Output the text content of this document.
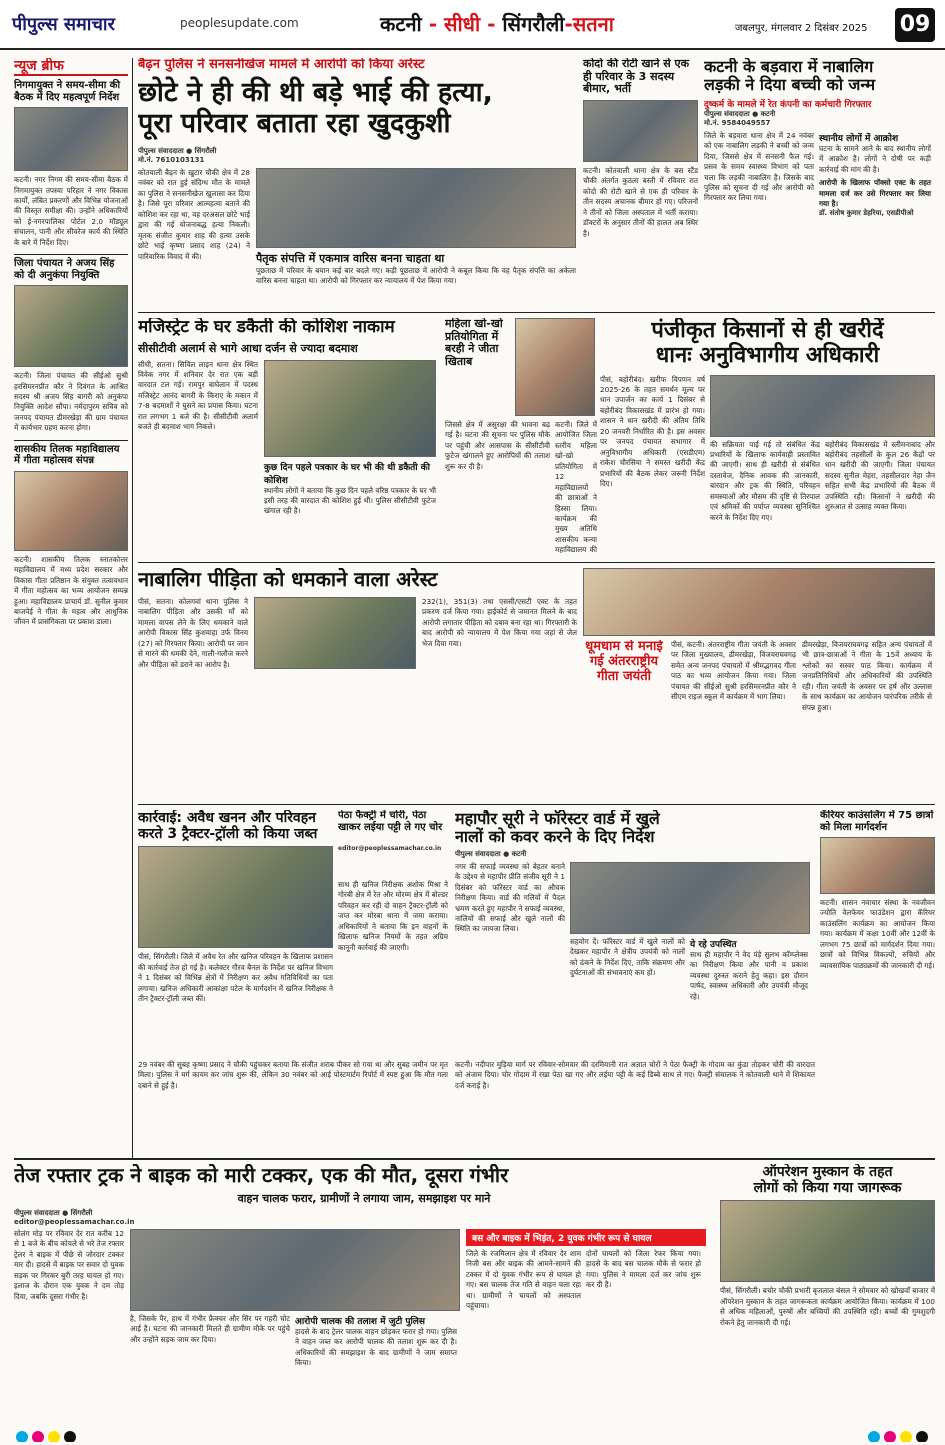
पीपुल्स समाचार	peoplesupdate.com	कटनी - सीधी - सिंगरौली-सतना	जबलपुर, मंगलवार 2 दिसंबर 2025 09
न्यूज ब्रीफ
निगमायुक्त ने समय-सीमा की बैठक में दिए महत्वपूर्ण निर्देश
कटनी। नगर निगम की समय-सीमा बैठक में निगमायुक्त तपस्या परिहार ने नगर विकास कार्यों, लंबित प्रकरणों और विभिन्न योजनाओं की विस्तृत समीक्षा की। उन्होंने अधिकारियों को ई-नगरपालिका पोर्टल 2.0 मॉड्यूल संचालन, पानी और सीवरेज कार्य की स्थिति के बारे में निर्देश दिए।
जिला पंचायत ने अजय सिंह को दी अनुकंपा नियुक्ति
कटनी। जिला पंचायत की सीईओ सुश्री हरसिमरनप्रीत कौर ने दिवंगत के आश्रित सदस्य श्री अजय सिंह बागरी को अनुकंपा नियुक्ति आदेश सौंपा। नर्मदापुरम सचिव को जनपद पंचायत ढीमरखेड़ा की ग्राम पंचायत में कार्यभार ग्रहण करना होगा।
शासकीय तिलक महाविद्यालय में गीता महोत्सव संपन्न
कटनी। शासकीय तिलक स्नातकोत्तर महाविद्यालय में मध्य प्रदेश सरकार और विकास गीता प्रतिष्ठान के संयुक्त तत्वावधान में गीता महोत्सव का भव्य आयोजन सम्पन्न हुआ। महाविद्यालय प्राचार्य डॉ. सुनील कुमार बाजपेई ने गीता के महत्व और आधुनिक जीवन में प्रासंगिकता पर प्रकाश डाला।
बैढ़न पुलिस ने सनसनीखेज मामले में आरोपी को किया अरेस्ट
छोटे ने ही की थी बड़े भाई की हत्या,
पूरा परिवार बताता रहा खुदकुशी
पीपुल्स संवाददाता ● सिंगरौली
मो.नं. 7610103131
कोतवाली बैढ़न के खुटार चौकी क्षेत्र में 28 नवंबर को रात हुई संदिग्ध मौत के मामले का पुलिस ने सनसनीखेज खुलासा कर दिया है। जिसे पूरा परिवार आत्महत्या बताने की कोशिश कर रहा था, वह दरअसल छोटे भाई द्वारा की गई योजनाबद्ध हत्या निकली। मृतक संजीत कुमार शाह की हत्या उसके छोटे भाई कृष्णा प्रसाद शाह (24) ने पारिवारिक विवाद में की।	पैतृक संपत्ति में एकमात्र वारिस बनना चाहता था
पूछताछ में परिवार के बयान कई बार बदले गए। कड़ी पूछताछ में आरोपी ने कबूल किया कि वह पैतृक संपत्ति का अकेला वारिस बनना चाहता था। आरोपी को गिरफ्तार कर न्यायालय में पेश किया गया।
कोदो की रोटी खाने से एक ही परिवार के 3 सदस्य बीमार, भर्ती
कटनी। कोतवाली थाना क्षेत्र के बस स्टैंड चौकी अंतर्गत कुठला बस्ती में रविवार रात कोदो की रोटी खाने से एक ही परिवार के तीन सदस्य अचानक बीमार हो गए। परिजनों ने तीनों को जिला अस्पताल में भर्ती कराया। डॉक्टरों के अनुसार तीनों की हालत अब स्थिर है।
कटनी के बड़वारा में नाबालिग
लड़की ने दिया बच्ची को जन्म
दुष्कर्म के मामले में रेत कंपनी का कर्मचारी गिरफ्तार
पीपुल्स संवाददाता ● कटनी
मो.नं. 9584049557
जिले के बड़वारा थाना क्षेत्र में 24 नवंबर को एक नाबालिग लड़की ने बच्ची को जन्म दिया, जिससे क्षेत्र में सनसनी फैल गई। प्रसव के समय स्वास्थ्य विभाग को पता चला कि लड़की नाबालिग है। जिसके बाद पुलिस को सूचना दी गई और आरोपी को गिरफ्तार कर लिया गया।
स्थानीय लोगों में आक्रोश
घटना के सामने आने के बाद स्थानीय लोगों में आक्रोश है। लोगों ने दोषी पर कड़ी कार्रवाई की मांग की है।
आरोपी के खिलाफ पॉक्सो एक्ट के तहत मामला दर्ज कर उसे गिरफ्तार कर लिया गया है।
डॉ. संतोष कुमार डेहरिया, एसडीपीओ
मजिस्ट्रेट के घर डकैती की कोशिश नाकाम
सीसीटीवी अलार्म से भागे आधा दर्जन से ज्यादा बदमाश
सीधी, सतना। सिविल लाइन थाना क्षेत्र स्थित विवेक नगर में शनिवार देर रात एक बड़ी वारदात टल गई। रामपुर बाघेलान में पदस्थ मजिस्ट्रेट आनंद बागरी के किराए के मकान में 7-8 बदमाशों ने घुसने का प्रयास किया। घटना रात लगभग 1 बजे की है। सीसीटीवी अलार्म बजते ही बदमाश भाग निकले।
कुछ दिन पहले पत्रकार के घर भी की थी डकैती की कोशिश
स्थानीय लोगों ने बताया कि कुछ दिन पहले वरिष्ठ पत्रकार के घर भी इसी तरह की वारदात की कोशिश हुई थी। पुलिस सीसीटीवी फुटेज खंगाल रही है।
जिससे क्षेत्र में असुरक्षा की भावना बढ़ गई है। घटना की सूचना पर पुलिस मौके पर पहुंची और आसपास के सीसीटीवी फुटेज खंगालने हुए आरोपियों की तलाश शुरू कर दी है।
महिला खो-खो प्रतियोगिता में बरही ने जीता खिताब
कटनी। जिले में आयोजित जिला स्तरीय महिला खो-खो प्रतियोगिता में 12 महाविद्यालयों की छात्राओं ने हिस्सा लिया। कार्यक्रम की मुख्य अतिथि शासकीय कन्या महाविद्यालय की
पंजीकृत किसानों से ही खरीदें
धानः अनुविभागीय अधिकारी
पीसं, बहोरीबंद। खरीफ विपणन वर्ष 2025-26 के तहत समर्थन मूल्य पर धान उपार्जन का कार्य 1 दिसंबर से बहोरीबंद विकासखंड में प्रारंभ हो गया। शासन ने धान खरीदी की अंतिम तिथि 20 जनवरी निर्धारित की है। इस अवसर पर जनपद पंचायत सभागार में अनुविभागीय अधिकारी (एसडीएम) राकेश चौरसिया ने समस्त खरीदी केंद्र प्रभारियों की बैठक लेकर जरूरी निर्देश दिए।
की सक्रियता पाई गई तो संबंधित केंद्र प्रभारियों के खिलाफ कार्यवाही प्रस्तावित की जाएगी। साथ ही खरीदी से संबंधित दस्तावेज, दैनिक आवक की जानकारी, बारदान और ट्रक की स्थिति, परिवहन समस्याओं और मौसम की दृष्टि से तिरपाल एवं श्रमिकों की पर्याप्त व्यवस्था सुनिश्चित करने के निर्देश दिए गए।
बहोरीबंद विकासखंड में स्लीमनाबाद और बहोरीबंद तहसीलों के कुल 26 केंद्रों पर धान खरीदी की जाएगी। जिला पंचायत सदस्य सुनील मेहरा, तहसीलदार नेहा जैन सहित सभी केंद्र प्रभारियों की बैठक में उपस्थिति रही। किसानों ने खरीदी की शुरुआत से उत्साह व्यक्त किया।
नाबालिग पीड़िता को धमकाने वाला अरेस्ट
पीसं, सतना। कोलगवां थाना पुलिस ने नाबालिग पीड़िता और उसकी माँ को मामला वापस लेने के लिए धमकाने वाले आरोपी विकास सिंह कुशवाहा उर्फ विनय (27) को गिरफ्तार किया। आरोपी पर जान से मारने की धमकी देने, गाली-गलौज करने और पीड़िता को डराने का आरोप है।
232(1), 351(3) तथा एससी/एसटी एक्ट के तहत प्रकरण दर्ज किया गया। हाईकोर्ट से जमानत मिलने के बाद आरोपी लगातार पीड़िता को दबाव बना रहा था। गिरफ्तारी के बाद आरोपी को न्यायालय में पेश किया गया जहां से जेल भेज दिया गया।	धूमधाम से मनाई गई अंतरराष्ट्रीय गीता जयंती
पीसं, कटनी। अंतरराष्ट्रीय गीता जयंती के अवसर पर जिला मुख्यालय, ढीमरखेड़ा, विजयराघवगढ़ समेत अन्य जनपद पंचायतों में श्रीमद्भगवद गीता पाठ का भव्य आयोजन किया गया। जिला पंचायत की सीईओ सुश्री हरसिमरनप्रीत कौर ने सीएम राइज स्कूल में कार्यक्रम में भाग लिया।
ढीमरखेड़ा, विजयराघवगढ़ सहित अन्य पंचायतों में भी छात्र-छात्राओं ने गीता के 15वें अध्याय के श्लोकों का सस्वर पाठ किया। कार्यक्रम में जनप्रतिनिधियों और अधिकारियों की उपस्थिति रही। गीता जयंती के अवसर पर हर्ष और उल्लास के साथ कार्यक्रम का आयोजन पारंपरिक तरीके से संपन्न हुआ।
कार्रवाई: अवैध खनन और परिवहन
करते 3 ट्रैक्टर-ट्रॉली को किया जब्त
पीसं, सिंगरौली। जिले में अवैध रेत और खनिज परिवहन के खिलाफ प्रशासन की कार्रवाई तेज हो गई है। कलेक्टर गौरव बैनल के निर्देश पर खनिज विभाग ने 1 दिसंबर को विभिन्न क्षेत्रों में निरीक्षण कर अवैध गतिविधियों का पता लगाया। खनिज अधिकारी आकांक्षा पटेल के मार्गदर्शन में खनिज निरीक्षक ने तीन ट्रैक्टर-ट्रॉली जब्त कीं।
साथ ही खनिज निरीक्षक अशोक मिश्रा ने गोरबी क्षेत्र में रेत और मोरम्म क्षेत्र में बोल्डर परिवहन कर रही दो वाहन ट्रैक्टर-ट्रॉली को जप्त कर मोरबा थाना में जमा कराया। अधिकारियों ने बताया कि इन वाहनों के खिलाफ खनिज नियमों के तहत अग्रिम कानूनी कार्रवाई की जाएगी।
पेठा फैक्ट्री में चोरी, पेठा खाकर लईया पट्टी ले गए चोर महापौर सूरी ने फॉरेस्टर वार्ड में खुले
नालों को कवर करने के दिए निर्देश
पीपुल्स संवाददाता ● कटनी
नगर की सफाई व्यवस्था को बेहतर बनाने के उद्देश्य से महापौर प्रीति संजीव सूरी ने 1 दिसंबर को फॉरेस्टर वार्ड का औचक निरीक्षण किया। वार्ड की गलियों में पैदल भ्रमण करते हुए महापौर ने सफाई व्यवस्था, नालियों की सफाई और खुले नालों की स्थिति का जायजा लिया।
सहयोग दें। फॉरेस्टर वार्ड में खुले नालों को देखकर महापौर ने क्षेत्रीय उपयंत्री को नालों को ढंकने के निर्देश दिए, ताकि संक्रमण और दुर्घटनाओं की संभावनाएं कम हों।
ये रहे उपस्थित
साथ ही महापौर ने वेद पंड़े सुलभ कॉम्प्लेक्स का निरीक्षण किया और पानी व प्रकाश व्यवस्था दुरुस्त कराने हेतु कहा। इस दौरान पार्षद, स्वास्थ्य अधिकारी और उपयंत्री मौजूद रहे।
कॅरियर काउंसलिंग में 75 छात्रों को मिला मार्गदर्शन
कटनी। शासन नवाचार संस्था के नवजीवन ज्योति वेलफेयर फाउंडेशन द्वारा कॅरियर काउंसलिंग कार्यक्रम का आयोजन किया गया। कार्यक्रम में कक्षा 10वीं और 12वीं के लगभग 75 छात्रों को मार्गदर्शन दिया गया। छात्रों को विभिन्न विकल्पों, रुचियों और व्यावसायिक पाठ्यक्रमों की जानकारी दी गई।
तेज रफ्तार ट्रक ने बाइक को मारी टक्कर, एक की मौत, दूसरा गंभीर
वाहन चालक फरार, ग्रामीणों ने लगाया जाम, समझाइश पर माने
पीपुल्स संवाददाता ● सिंगरौली
editor@peoplessamachar.co.in
सोलंग मोड़ पर रविवार देर रात करीब 12 से 1 बजे के बीच कोयले से भरे तेज रफ्तार ट्रेलर ने बाइक में पीछे से जोरदार टक्कर मार दी। हादसे में बाइक पर सवार दो युवक सड़क पर गिरकर बुरी तरह घायल हो गए। इलाज के दौरान एक युवक ने दम तोड़ दिया, जबकि दूसरा गंभीर है।
है, जिसके पैर, हाथ में गंभीर फ्रैक्चर और सिर पर गहरी चोट आई है। घटना की जानकारी मिलते ही ग्रामीण मौके पर पहुंचे और उन्होंने सड़क जाम कर दिया।
आरोपी चालक की तलाश में जुटी पुलिस
हादसे के बाद ट्रेलर चालक वाहन छोड़कर फरार हो गया। पुलिस ने वाहन जब्त कर आरोपी चालक की तलाश शुरू कर दी है। अधिकारियों की समझाइश के बाद ग्रामीणों ने जाम समाप्त किया।
बस और बाइक में भिड़ंत, 2 युवक गंभीर रूप से घायल
जिले के रजमिलान क्षेत्र में रविवार देर शाम निजी बस और बाइक की आमने-सामने की टक्कर में दो युवक गंभीर रूप से घायल हो गए। बस चालक तेज गति से वाहन चला रहा था। ग्रामीणों ने घायलों को अस्पताल पहुंचाया।
दोनों घायलों को जिला रेफर किया गया। हादसे के बाद बस चालक मौके से फरार हो गया। पुलिस ने मामला दर्ज कर जांच शुरू कर दी है।
ऑपरेशन मुस्कान के तहत
लोगों को किया गया जागरूक
पीसं, सिंगरौली। बचोर चौकी प्रभारी बृजलाल बंसल ने सोमवार को खोखवाँ बाजार में ऑपरेशन मुस्कान के तहत जागरूकता कार्यक्रम आयोजित किया। कार्यक्रम में 100 से अधिक महिलाओं, पुरुषों और बच्चियों की उपस्थिति रही। बच्चों की गुमशुदगी रोकने हेतु जानकारी दी गई।
editor@peoplessamachar.co.in
कटनी। नदीपार मुड़िया मार्ग पर रविवार-सोमवार की दरमियानी रात अज्ञात चोरों ने पेठा फैक्ट्री के गोदाम का कुंडा तोड़कर चोरी की वारदात को अंजाम दिया। चोर गोदाम में रखा पेठा खा गए और लईया पट्टी के कई डिब्बे साथ ले गए। फैक्ट्री संचालक ने कोतवाली थाने में शिकायत दर्ज कराई है।
29 नवंबर की सुबह कृष्णा प्रसाद ने चौकी पहुंचकर बताया कि संजीत शराब पीकर सो गया था और सुबह जमीन पर मृत मिला। पुलिस ने मर्ग कायम कर जांच शुरू की, लेकिन 30 नवंबर को आई पोस्टमार्टम रिपोर्ट में स्पष्ट हुआ कि मौत गला दबाने से हुई है।
